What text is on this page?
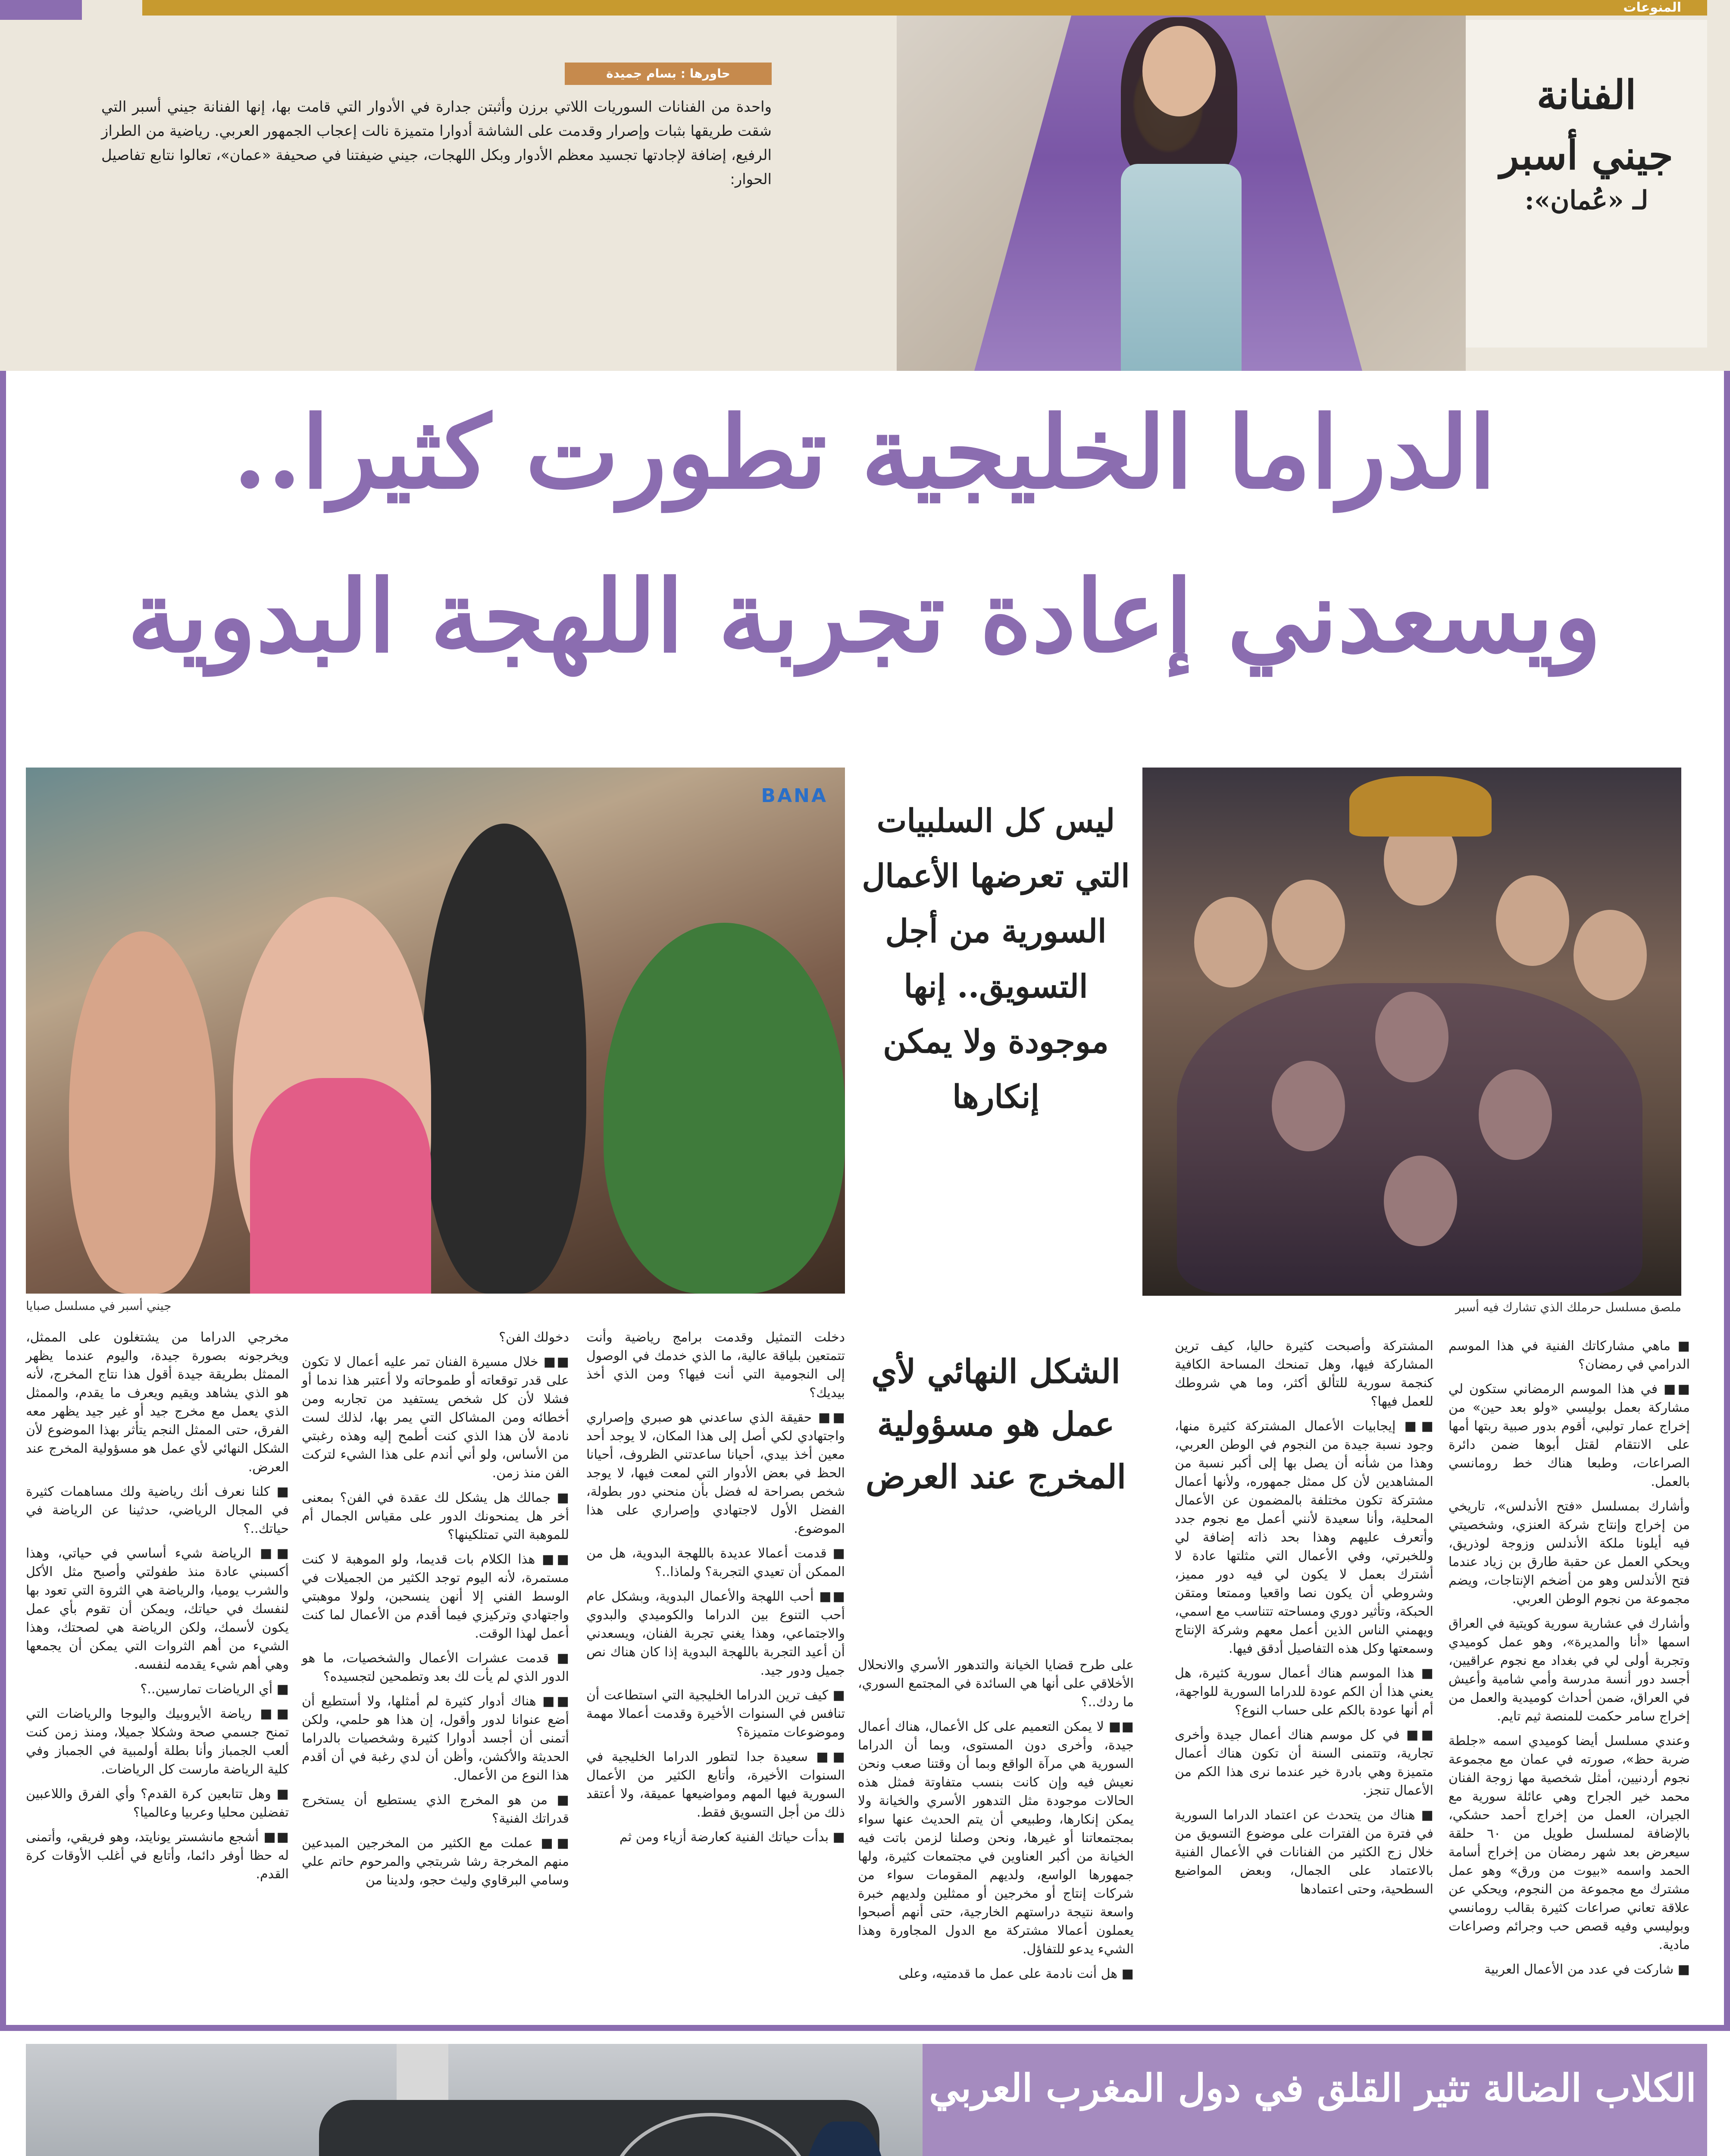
المنوعات
حاورها : بسام جميدة
واحدة من الفنانات السوريات اللاتي برزن وأثبتن جدارة في الأدوار التي قامت بها، إنها الفنانة جيني أسبر التي شقت طريقها بثبات وإصرار وقدمت على الشاشة أدوارا متميزة نالت إعجاب الجمهور العربي. رياضية من الطراز الرفيع، إضافة لإجادتها تجسيد معظم الأدوار وبكل اللهجات، جيني ضيفتنا في صحيفة «عمان»، تعالوا نتابع تفاصيل الحوار:
الفنانة
جيني أسبر
لـ «عُمان»:
الدراما الخليجية تطورت كثيرا..
ويسعدني إعادة تجربة اللهجة البدوية
BANA
جيني أسبر في مسلسل صبايا	ملصق مسلسل حرملك الذي تشارك فيه أسبر
ليس كل السلبيات التي تعرضها الأعمال السورية من أجل التسويق.. إنها موجودة ولا يمكن إنكارها
الشكل النهائي لأي عمل هو مسؤولية المخرج عند العرض

■ ماهي مشاركاتك الفنية في هذا الموسم الدرامي في رمضان؟

■■ في هذا الموسم الرمضاني ستكون لي مشاركة بعمل بوليسي «ولو بعد حين» من إخراج عمار تولبي، أقوم بدور صبية ربتها أمها على الانتقام لقتل أبوها ضمن دائرة الصراعات، وطبعا هناك خط رومانسي بالعمل.

وأشارك بمسلسل «فتح الأندلس»، تاريخي من إخراج وإنتاج شركة العنزي، وشخصيتي فيه أيلونا ملكة الأندلس وزوجة لوذريق، ويحكي العمل عن حقبة طارق بن زياد عندما فتح الأندلس وهو من أضخم الإنتاجات، ويضم مجموعة من نجوم الوطن العربي.

وأشارك في عشارية سورية كويتية في العراق اسمها «أنا والمديرة»، وهو عمل كوميدي وتجربة أولى لي في بغداد مع نجوم عراقيين، أجسد دور أنسة مدرسة وأمي شامية وأعيش في العراق، ضمن أحداث كوميدية والعمل من إخراج سامر حكمت للمنصة ثيم تايم.

وعندي مسلسل أيضا كوميدي اسمه «جلطة ضربة حظ»، صورته في عمان مع مجموعة نجوم أردنيين، أمثل شخصية مها زوجة الفنان محمد خير الجراح وهي عائلة سورية مع الجيران، العمل من إخراج أحمد حشكي، بالإضافة لمسلسل طويل من ٦٠ حلقة سيعرض بعد شهر رمضان من إخراج أسامة الحمد واسمه «بيوت من ورق» وهو عمل مشترك مع مجموعة من النجوم، ويحكي عن علاقة تعاني صراعات كثيرة بقالب رومانسي وبوليسي وفيه قصص حب وجرائم وصراعات مادية.

■ شاركت في عدد من الأعمال العربية

المشتركة وأصبحت كثيرة حاليا، كيف ترين المشاركة فيها، وهل تمنحك المساحة الكافية كنجمة سورية للتألق أكثر، وما هي شروطك للعمل فيها؟

■■ إيجابيات الأعمال المشتركة كثيرة منها، وجود نسبة جيدة من النجوم في الوطن العربي، وهذا من شأنه أن يصل بها إلى أكبر نسبة من المشاهدين لأن كل ممثل جمهوره، ولأنها أعمال مشتركة تكون مختلفة بالمضمون عن الأعمال المحلية، وأنا سعيدة لأنني أعمل مع نجوم جدد وأتعرف عليهم وهذا بحد ذاته إضافة لي وللخبرتي، وفي الأعمال التي مثلتها عادة لا أشترك بعمل لا يكون لي فيه دور مميز، وشروطي أن يكون نصا واقعيا وممتعا ومتقن الحبكة، وتأثير دوري ومساحته تتناسب مع اسمي، ويهمني الناس الذين أعمل معهم وشركة الإنتاج وسمعتها وكل هذه التفاصيل أدقق فيها.

■ هذا الموسم هناك أعمال سورية كثيرة، هل يعني هذا أن الكم عودة للدراما السورية للواجهة، أم أنها عودة بالكم على حساب النوع؟

■■ في كل موسم هناك أعمال جيدة وأخرى تجارية، وتتمنى السنة أن تكون هناك أعمال متميزة وهي بادرة خير عندما نرى هذا الكم من الأعمال تنجز.

■ هناك من يتحدث عن اعتماد الدراما السورية في فترة من الفترات على موضوع التسويق من خلال زج الكثير من الفنانات في الأعمال الفنية بالاعتماد على الجمال، وبعض المواضيع السطحية، وحتى اعتمادها

على طرح قضايا الخيانة والتدهور الأسري والانحلال الأخلاقي على أنها هي السائدة في المجتمع السوري، ما ردك..؟

■■ لا يمكن التعميم على كل الأعمال، هناك أعمال جيدة، وأخرى دون المستوى، وبما أن الدراما السورية هي مرآة الواقع وبما أن وقتنا صعب ونحن نعيش فيه وإن كانت بنسب متفاوتة فمثل هذه الحالات موجودة مثل التدهور الأسري والخيانة ولا يمكن إنكارها، وطبيعي أن يتم الحديث عنها سواء بمجتمعاتنا أو غيرها، ونحن وصلنا لزمن باتت فيه الخيانة من أكبر العناوين في مجتمعات كثيرة، ولها جمهورها الواسع، ولديهم المقومات سواء من شركات إنتاج أو مخرجين أو ممثلين ولديهم خبرة واسعة نتيجة دراستهم الخارجية، حتى أنهم أصبحوا يعملون أعمالا مشتركة مع الدول المجاورة وهذا الشيء يدعو للتفاؤل.

■ هل أنت نادمة على عمل ما قدمتيه، وعلى

دخلت التمثيل وقدمت برامج رياضية وأنت تتمتعين بلياقة عالية، ما الذي خدمك في الوصول إلى النجومية التي أنت فيها؟ ومن الذي أخذ بيديك؟

■■ حقيقة الذي ساعدني هو صبري وإصراري واجتهادي لكي أصل إلى هذا المكان، لا يوجد أحد معين أخذ بيدي، أحيانا ساعدتني الظروف، أحيانا الحظ في بعض الأدوار التي لمعت فيها، لا يوجد شخص بصراحة له فضل بأن منحني دور بطولة، الفضل الأول لاجتهادي وإصراري على هذا الموضوع.

■ قدمت أعمالا عديدة باللهجة البدوية، هل من الممكن أن تعيدي التجربة؟ ولماذا..؟

■■ أحب اللهجة والأعمال البدوية، وبشكل عام أحب التنوع بين الدراما والكوميدي والبدوي والاجتماعي، وهذا يغني تجربة الفنان، ويسعدني أن أعيد التجربة باللهجة البدوية إذا كان هناك نص جميل ودور جيد.

■ كيف ترين الدراما الخليجية التي استطاعت أن تنافس في السنوات الأخيرة وقدمت أعمالا مهمة وموضوعات متميزة؟

■■ سعيدة جدا لتطور الدراما الخليجية في السنوات الأخيرة، وأتابع الكثير من الأعمال السورية فيها المهم ومواضيعها عميقة، ولا أعتقد ذلك من أجل التسويق فقط.

■ بدأت حياتك الفنية كعارضة أزياء ومن ثم

دخولك الفن؟

■■ خلال مسيرة الفنان تمر عليه أعمال لا تكون على قدر توقعاته أو طموحاته ولا أعتبر هذا ندما أو فشلا لأن كل شخص يستفيد من تجاربه ومن أخطائه ومن المشاكل التي يمر بها، لذلك لست نادمة لأن هذا الذي كنت أطمح إليه وهذه رغبتي من الأساس، ولو أني أندم على هذا الشيء لتركت الفن منذ زمن.

■ جمالك هل يشكل لك عقدة في الفن؟ بمعنى أخر هل يمنحونك الدور على مقياس الجمال أم للموهبة التي تمتلكينها؟

■■ هذا الكلام بات قديما، ولو الموهبة لا كنت مستمرة، لأنه اليوم توجد الكثير من الجميلات في الوسط الفني إلا أنهن ينسحبن، ولولا موهبتي واجتهادي وتركيزي فيما أقدم من الأعمال لما كنت أعمل لهذا الوقت.

■ قدمت عشرات الأعمال والشخصيات، ما هو الدور الذي لم يأت لك بعد وتطمحين لتجسيده؟

■■ هناك أدوار كثيرة لم أمثلها، ولا أستطيع أن أضع عنوانا لدور وأقول، إن هذا هو حلمي، ولكن أتمنى أن أجسد أدوارا كثيرة وشخصيات بالدراما الحديثة والأكشن، وأظن أن لدي رغبة في أن أقدم هذا النوع من الأعمال.

■ من هو المخرج الذي يستطيع أن يستخرج قدراتك الفنية؟

■■ عملت مع الكثير من المخرجين المبدعين منهم المخرجة رشا شربتجي والمرحوم حاتم علي وسامي البرقاوي وليث حجو، ولدينا من

مخرجي الدراما من يشتغلون على الممثل، ويخرجونه بصورة جيدة، واليوم عندما يظهر الممثل بطريقة جيدة أقول هذا نتاج المخرج، لأنه هو الذي يشاهد ويقيم ويعرف ما يقدم، والممثل الذي يعمل مع مخرج جيد أو غير جيد يظهر معه الفرق، حتى الممثل النجم يتأثر بهذا الموضوع لأن الشكل النهائي لأي عمل هو مسؤولية المخرج عند العرض.

■ كلنا نعرف أنك رياضية ولك مساهمات كثيرة في المجال الرياضي، حدثينا عن الرياضة في حياتك..؟

■■ الرياضة شيء أساسي في حياتي، وهذا أكسبني عادة منذ طفولتي وأصبح مثل الأكل والشرب يوميا، والرياضة هي الثروة التي تعود بها لنفسك في حياتك، ويمكن أن تقوم بأي عمل يكون لأسمك، ولكن الرياضة هي لصحتك، وهذا الشيء من أهم الثروات التي يمكن أن يجمعها وهي أهم شيء يقدمه لنفسه.

■ أي الرياضات تمارسين..؟

■■ رياضة الأيروبيك واليوجا والرياضات التي تمنح جسمي صحة وشكلا جميلا، ومنذ زمن كنت ألعب الجمباز وأنا بطلة أولمبية في الجمباز وفي كلية الرياضة مارست كل الرياضات.

■ وهل تتابعين كرة القدم؟ وأي الفرق واللاعبين تفضلين محليا وعربيا وعالميا؟

■■ أشجع مانشستر يونايتد، وهو فريقي، وأتمنى له حظا أوفر دائما، وأتابع في أغلب الأوقات كرة القدم.

الكلاب الضالة تثير القلق في دول المغرب العربي
